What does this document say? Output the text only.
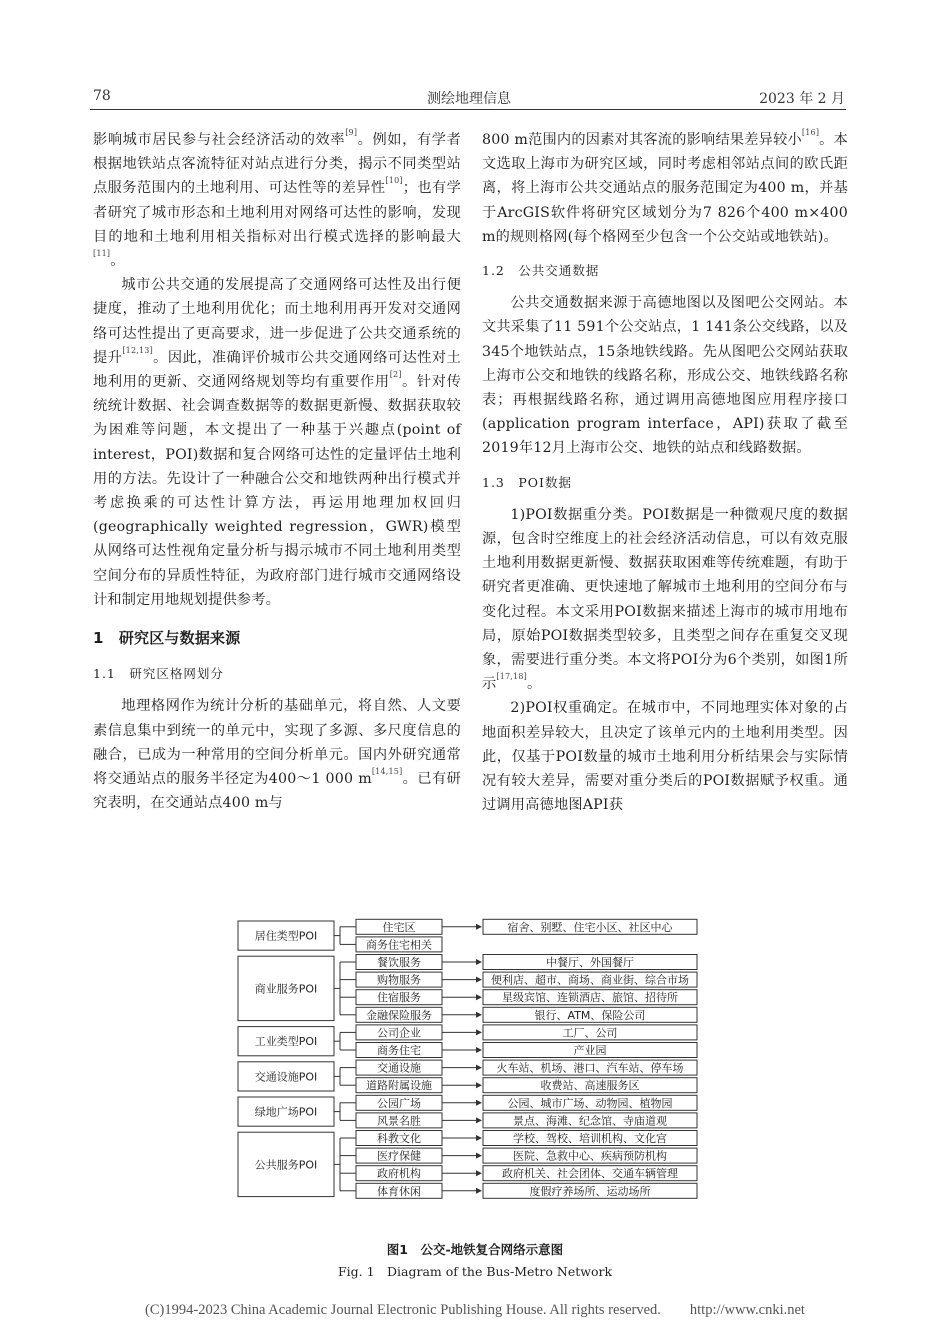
78	测绘地理信息	2023 年 2 月

影响城市居民参与社会经济活动的效率[9]。例如，有学者根据地铁站点客流特征对站点进行分类，揭示不同类型站点服务范围内的土地利用、可达性等的差异性[10]；也有学者研究了城市形态和土地利用对网络可达性的影响，发现目的地和土地利用相关指标对出行模式选择的影响最大[11]。

城市公共交通的发展提高了交通网络可达性及出行便捷度，推动了土地利用优化；而土地利用再开发对交通网络可达性提出了更高要求，进一步促进了公共交通系统的提升[12,13]。因此，准确评价城市公共交通网络可达性对土地利用的更新、交通网络规划等均有重要作用[2]。针对传统统计数据、社会调查数据等的数据更新慢、数据获取较为困难等问题，本文提出了一种基于兴趣点(point of interest，POI)数据和复合网络可达性的定量评估土地利用的方法。先设计了一种融合公交和地铁两种出行模式并考虑换乘的可达性计算方法，再运用地理加权回归(geographically weighted regression，GWR)模型从网络可达性视角定量分析与揭示城市不同土地利用类型空间分布的异质性特征，为政府部门进行城市交通网络设计和制定用地规划提供参考。

1　研究区与数据来源
1.1　研究区格网划分

地理格网作为统计分析的基础单元，将自然、人文要素信息集中到统一的单元中，实现了多源、多尺度信息的融合，已成为一种常用的空间分析单元。国内外研究通常将交通站点的服务半径定为400～1 000 m[14,15]。已有研究表明，在交通站点400 m与

800 m范围内的因素对其客流的影响结果差异较小[16]。本文选取上海市为研究区域，同时考虑相邻站点间的欧氏距离，将上海市公共交通站点的服务范围定为400 m，并基于ArcGIS软件将研究区域划分为7 826个400 m×400 m的规则格网(每个格网至少包含一个公交站或地铁站)。

1.2　公共交通数据

公共交通数据来源于高德地图以及图吧公交网站。本文共采集了11 591个公交站点，1 141条公交线路，以及345个地铁站点，15条地铁线路。先从图吧公交网站获取上海市公交和地铁的线路名称，形成公交、地铁线路名称表；再根据线路名称，通过调用高德地图应用程序接口(application program interface，API)获取了截至2019年12月上海市公交、地铁的站点和线路数据。

1.3　POI数据

1)POI数据重分类。POI数据是一种微观尺度的数据源，包含时空维度上的社会经济活动信息，可以有效克服土地利用数据更新慢、数据获取困难等传统难题，有助于研究者更准确、更快速地了解城市土地利用的空间分布与变化过程。本文采用POI数据来描述上海市的城市用地布局，原始POI数据类型较多，且类型之间存在重复交叉现象，需要进行重分类。本文将POI分为6个类别，如图1所示[17,18]。

2)POI权重确定。在城市中，不同地理实体对象的占地面积差异较大，且决定了该单元内的土地利用类型。因此，仅基于POI数量的城市土地利用分析结果会与实际情况有较大差异，需要对重分类后的POI数据赋予权重。通过调用高德地图API获

居住类型POI
住宅区	宿舍、别墅、住宅小区、社区中心
商务住宅相关
商业服务POI
餐饮服务	中餐厅、外国餐厅
购物服务	便利店、超市、商场、商业街、综合市场
住宿服务	星级宾馆、连锁酒店、旅馆、招待所
金融保险服务	银行、ATM、保险公司
工业类型POI
公司企业	工厂、公司
商务住宅	产业园
交通设施POI
交通设施	火车站、机场、港口、汽车站、停车场
道路附属设施	收费站、高速服务区
绿地广场POI
公园广场	公园、城市广场、动物园、植物园
风景名胜	景点、海滩、纪念馆、寺庙道观
公共服务POI
科教文化	学校、驾校、培训机构、文化宫
医疗保健	医院、急救中心、疾病预防机构
政府机构	政府机关、社会团体、交通车辆管理
体育休闲	度假疗养场所、运动场所
图1　公交-地铁复合网络示意图
Fig. 1　Diagram of the Bus-Metro Network
(C)1994-2023 China Academic Journal Electronic Publishing House. All rights reserved.　　http://www.cnki.net
